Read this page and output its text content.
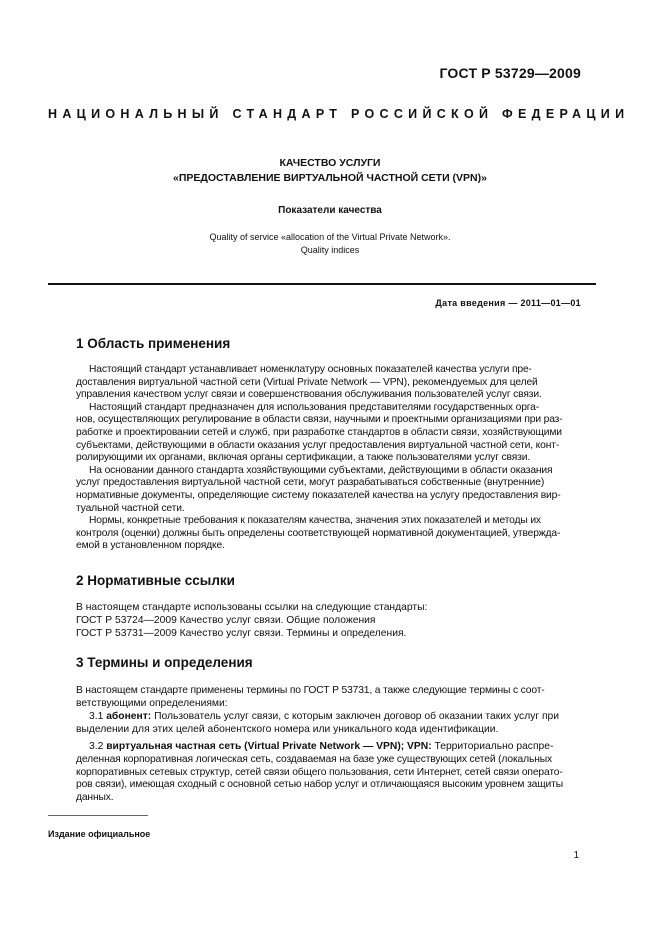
ГОСТ Р 53729—2009
НАЦИОНАЛЬНЫЙ СТАНДАРТ РОССИЙСКОЙ ФЕДЕРАЦИИ
КАЧЕСТВО УСЛУГИ
«ПРЕДОСТАВЛЕНИЕ ВИРТУАЛЬНОЙ ЧАСТНОЙ СЕТИ (VPN)»
Показатели качества
Quality of service «allocation of the Virtual Private Network».
Quality indices
Дата введения — 2011—01—01
1 Область применения
Настоящий стандарт устанавливает номенклатуру основных показателей качества услуги пре-
доставления виртуальной частной сети (Virtual Private Network — VPN), рекомендуемых для целей
управления качеством услуг связи и совершенствования обслуживания пользователей услуг связи.
Настоящий стандарт предназначен для использования представителями государственных орга-
нов, осуществляющих регулирование в области связи, научными и проектными организациями при раз-
работке и проектировании сетей и служб, при разработке стандартов в области связи, хозяйствующими
субъектами, действующими в области оказания услуг предоставления виртуальной частной сети, конт-
ролирующими их органами, включая органы сертификации, а также пользователями услуг связи.
На основании данного стандарта хозяйствующими субъектами, действующими в области оказания
услуг предоставления виртуальной частной сети, могут разрабатываться собственные (внутренние)
нормативные документы, определяющие систему показателей качества на услугу предоставления вир-
туальной частной сети.
Нормы, конкретные требования к показателям качества, значения этих показателей и методы их
контроля (оценки) должны быть определены соответствующей нормативной документацией, утвержда-
емой в установленном порядке.
2 Нормативные ссылки
В настоящем стандарте использованы ссылки на следующие стандарты:
ГОСТ Р 53724—2009 Качество услуг связи. Общие положения
ГОСТ Р 53731—2009 Качество услуг связи. Термины и определения.
3 Термины и определения
В настоящем стандарте применены термины по ГОСТ Р 53731, а также следующие термины с соот-
ветствующими определениями:
3.1 абонент: Пользователь услуг связи, с которым заключен договор об оказании таких услуг при
выделении для этих целей абонентского номера или уникального кода идентификации.
3.2 виртуальная частная сеть (Virtual Private Network — VPN); VPN: Территориально распре-
деленная корпоративная логическая сеть, создаваемая на базе уже существующих сетей (локальных
корпоративных сетевых структур, сетей связи общего пользования, сети Интернет, сетей связи операто-
ров связи), имеющая сходный с основной сетью набор услуг и отличающаяся высоким уровнем защиты
данных.
Издание официальное
1
